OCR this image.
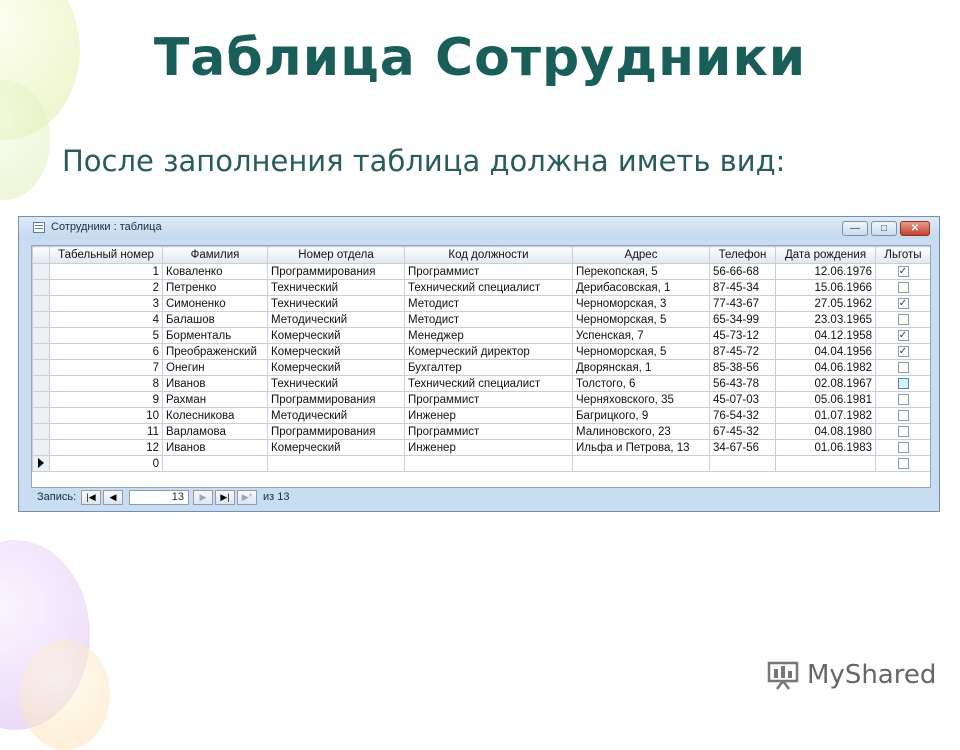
Таблица Сотрудники
После заполнения таблица должна иметь вид:
Сотрудники : таблица	—	□	✕
	Табельный номер	Фамилия	Номер отдела	Код должности	Адрес	Телефон	Дата рождения	Льготы
	1	Коваленко	Программирования	Программист	Перекопская, 5	56-66-68	12.06.1976	✓
	2	Петренко	Технический	Технический специалист	Дерибасовская, 1	87-45-34	15.06.1966	
	3	Симоненко	Технический	Методист	Черноморская, 3	77-43-67	27.05.1962	✓
	4	Балашов	Методический	Методист	Черноморская, 5	65-34-99	23.03.1965	
	5	Борменталь	Комерческий	Менеджер	Успенская, 7	45-73-12	04.12.1958	✓
	6	Преображенский	Комерческий	Комерческий директор	Черноморская, 5	87-45-72	04.04.1956	✓
	7	Онегин	Комерческий	Бухгалтер	Дворянская, 1	85-38-56	04.06.1982	
	8	Иванов	Технический	Технический специалист	Толстого, 6	56-43-78	02.08.1967	
	9	Рахман	Программирования	Программист	Черняховского, 35	45-07-03	05.06.1981	
	10	Колесникова	Методический	Инженер	Багрицкого, 9	76-54-32	01.07.1982	
	11	Варламова	Программирования	Программист	Малиновского, 23	67-45-32	04.08.1980	
	12	Иванов	Комерческий	Инженер	Ильфа и Петрова, 13	34-67-56	01.06.1983	
	0							
Запись:	|◀	◀	13	▶	▶|	▶* из 13
MyShared
